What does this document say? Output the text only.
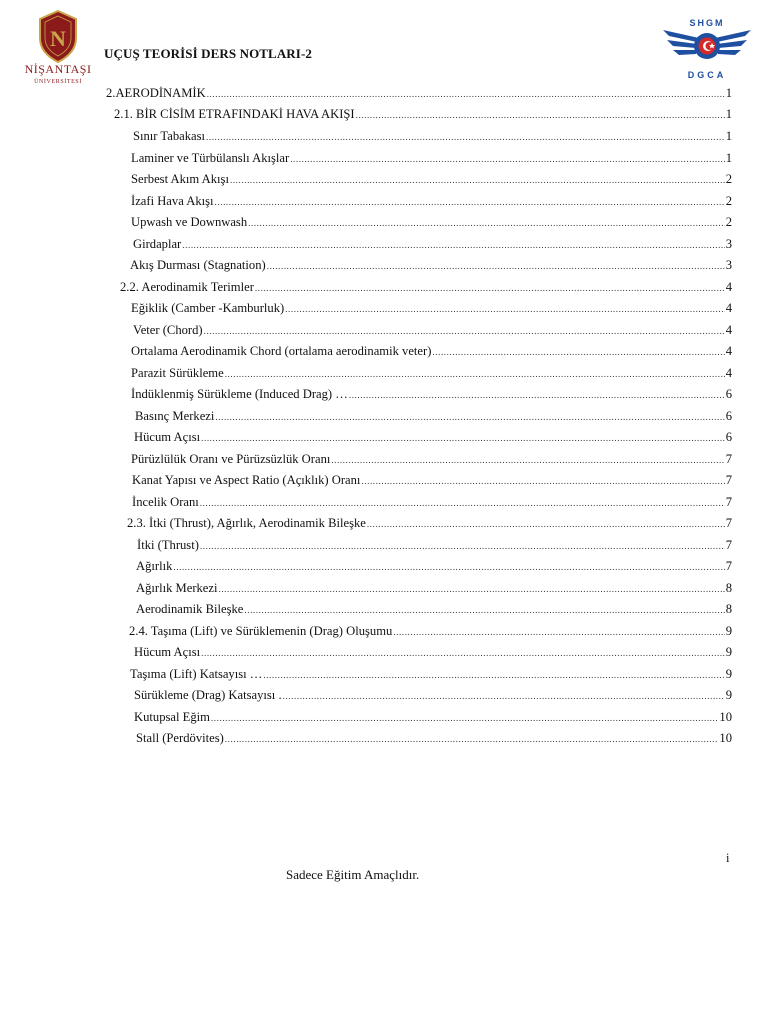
N
NİŞANTAŞI
ÜNİVERSİTESİ
UÇUŞ TEORİSİ DERS NOTLARI-2
SHGM
DGCA
2.AERODİNAMİK .....	1
2.1. BİR CİSİM ETRAFINDAKİ HAVA AKIŞI .....	1
Sınır Tabakası .....	1
Laminer ve Türbülanslı Akışlar .....	1
Serbest Akım Akışı .....	2
İzafi Hava Akışı .....	2
Upwash ve Downwash .....	2
Girdaplar .....	3
Akış Durması (Stagnation) .....	3
2.2. Aerodinamik Terimler .....	4
Eğiklik (Camber -Kamburluk) .....	4
Veter (Chord) .....	4
Ortalama Aerodinamik Chord (ortalama aerodinamik veter) .....	4
Parazit Sürükleme .....	4
İndüklenmiş Sürükleme (Induced Drag) … .....	6
Basınç Merkezi .....	6
Hücum Açısı .....	6
Pürüzlülük Oranı ve Pürüzsüzlük Oranı .....	7
Kanat Yapısı ve Aspect Ratio (Açıklık) Oranı .....	7
İncelik Oranı .....	7
2.3. İtki (Thrust), Ağırlık, Aerodinamik Bileşke .....	7
İtki (Thrust) .....	7
Ağırlık .....	7
Ağırlık Merkezi .....	8
Aerodinamik Bileşke .....	8
2.4. Taşıma (Lift) ve Sürüklemenin (Drag) Oluşumu .....	9
Hücum Açısı .....	9
Taşıma (Lift) Katsayısı … .....	9
Sürükleme (Drag) Katsayısı . .....	9
Kutupsal Eğim .....	10
Stall (Perdövites) .....	10
i
Sadece Eğitim Amaçlıdır.
